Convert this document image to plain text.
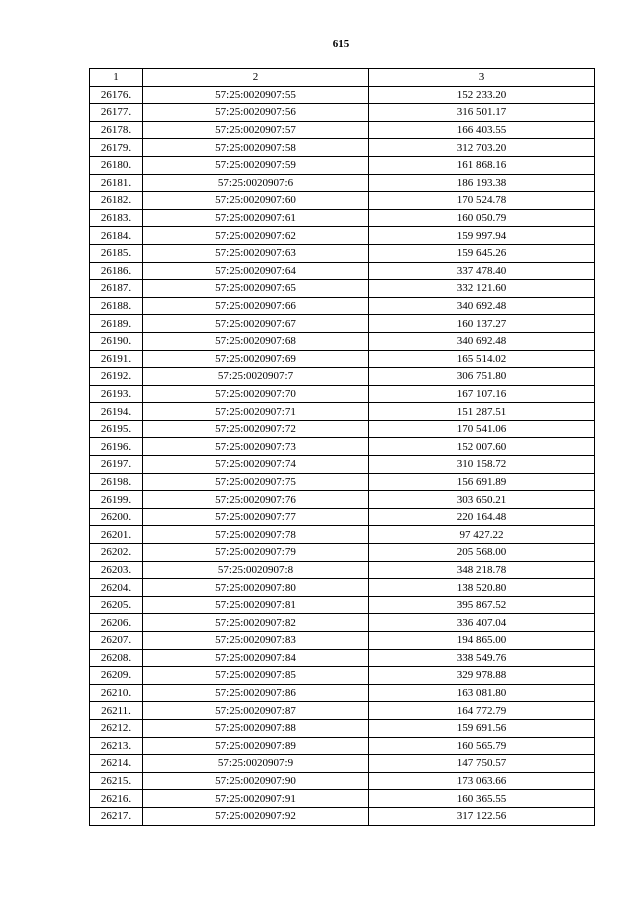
615
1	2	3
26176.	57:25:0020907:55	152 233.20
26177.	57:25:0020907:56	316 501.17
26178.	57:25:0020907:57	166 403.55
26179.	57:25:0020907:58	312 703.20
26180.	57:25:0020907:59	161 868.16
26181.	57:25:0020907:6	186 193.38
26182.	57:25:0020907:60	170 524.78
26183.	57:25:0020907:61	160 050.79
26184.	57:25:0020907:62	159 997.94
26185.	57:25:0020907:63	159 645.26
26186.	57:25:0020907:64	337 478.40
26187.	57:25:0020907:65	332 121.60
26188.	57:25:0020907:66	340 692.48
26189.	57:25:0020907:67	160 137.27
26190.	57:25:0020907:68	340 692.48
26191.	57:25:0020907:69	165 514.02
26192.	57:25:0020907:7	306 751.80
26193.	57:25:0020907:70	167 107.16
26194.	57:25:0020907:71	151 287.51
26195.	57:25:0020907:72	170 541.06
26196.	57:25:0020907:73	152 007.60
26197.	57:25:0020907:74	310 158.72
26198.	57:25:0020907:75	156 691.89
26199.	57:25:0020907:76	303 650.21
26200.	57:25:0020907:77	220 164.48
26201.	57:25:0020907:78	97 427.22
26202.	57:25:0020907:79	205 568.00
26203.	57:25:0020907:8	348 218.78
26204.	57:25:0020907:80	138 520.80
26205.	57:25:0020907:81	395 867.52
26206.	57:25:0020907:82	336 407.04
26207.	57:25:0020907:83	194 865.00
26208.	57:25:0020907:84	338 549.76
26209.	57:25:0020907:85	329 978.88
26210.	57:25:0020907:86	163 081.80
26211.	57:25:0020907:87	164 772.79
26212.	57:25:0020907:88	159 691.56
26213.	57:25:0020907:89	160 565.79
26214.	57:25:0020907:9	147 750.57
26215.	57:25:0020907:90	173 063.66
26216.	57:25:0020907:91	160 365.55
26217.	57:25:0020907:92	317 122.56
